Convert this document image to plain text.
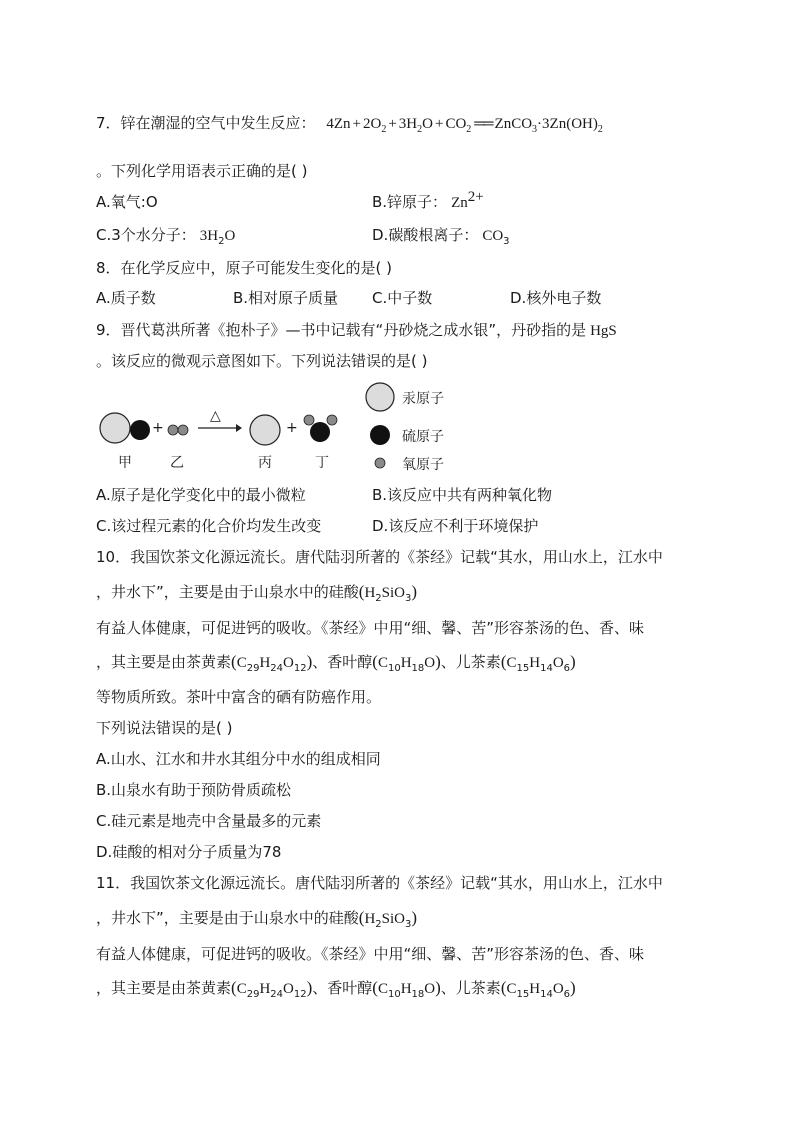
7．锌在潮湿的空气中发生反应： $4Zn + 2O_2 + 3H_2O + CO_2$ ══ $ZnCO_3\cdot 3Zn(OH)_2$
。下列化学用语表示正确的是( )
A.氧气:O	B.锌原子： $Zn^{2+}$
C.3个水分子： $3H_2O$	D.碳酸根离子： $CO_3$
8．在化学反应中，原子可能发生变化的是( )
A.质子数	B.相对原子质量 C.中子数	D.核外电子数
9．晋代葛洪所著《抱朴子》—书中记载有“丹砂烧之成水银”，丹砂指的是 HgS
。该反应的微观示意图如下。下列说法错误的是( )
+	+
△
甲	乙	丙	丁
汞原子
硫原子
氧原子
A.原子是化学变化中的最小微粒	B.该反应中共有两种氧化物
C.该过程元素的化合价均发生改变	D.该反应不利于环境保护
10．我国饮茶文化源远流长。唐代陆羽所著的《茶经》记载“其水，用山水上，江水中
，井水下”，主要是由于山泉水中的硅酸$(H_2SiO_3)$
有益人体健康，可促进钙的吸收。《茶经》中用“细、馨、苦”形容茶汤的色、香、味
，其主要是由茶黄素$(C_{29}H_{24}O_{12})$、香叶醇$(C_{10}H_{18}O)$、儿茶素$(C_{15}H_{14}O_6)$
等物质所致。茶叶中富含的硒有防癌作用。
下列说法错误的是( )
A.山水、江水和井水其组分中水的组成相同
B.山泉水有助于预防骨质疏松
C.硅元素是地壳中含量最多的元素
D.硅酸的相对分子质量为78
11．我国饮茶文化源远流长。唐代陆羽所著的《茶经》记载“其水，用山水上，江水中
，井水下”，主要是由于山泉水中的硅酸$(H_2SiO_3)$
有益人体健康，可促进钙的吸收。《茶经》中用“细、馨、苦”形容茶汤的色、香、味
，其主要是由茶黄素$(C_{29}H_{24}O_{12})$、香叶醇$(C_{10}H_{18}O)$、儿茶素$(C_{15}H_{14}O_6)$
